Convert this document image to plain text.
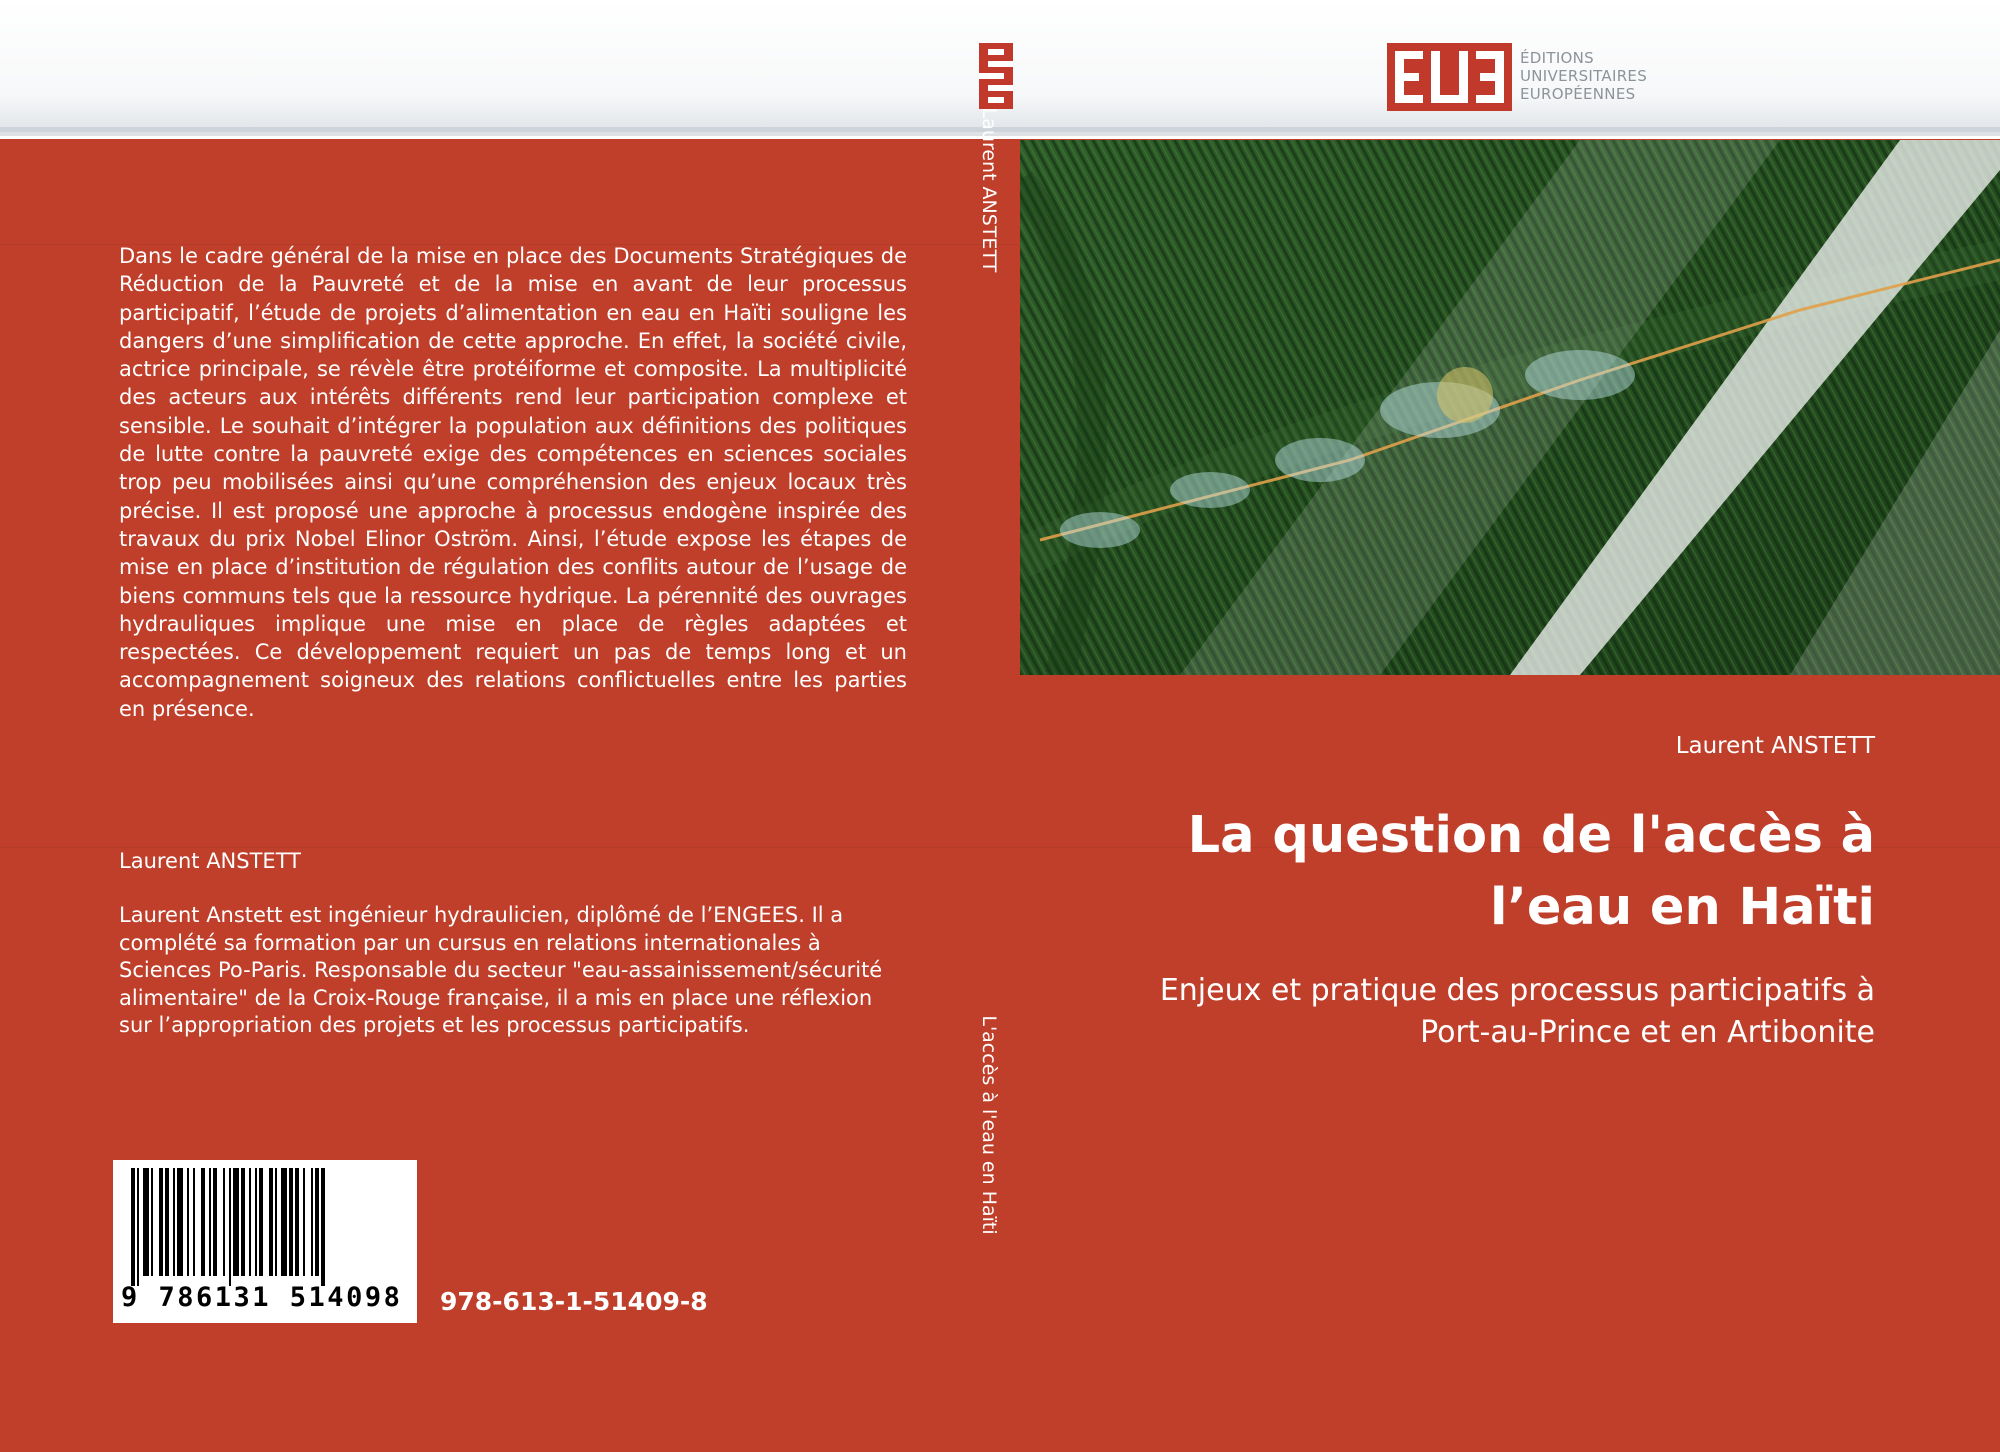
ÉDITIONS
UNIVERSITAIRES
EUROPÉENNES
Dans le cadre général de la mise en place des Documents Stratégiques de Réduction de la Pauvreté et de la mise en avant de leur processus participatif, l’étude de projets d’alimentation en eau en Haïti souligne les dangers d’une simplification de cette approche. En effet, la société civile, actrice principale, se révèle être protéiforme et composite. La multiplicité des acteurs aux intérêts différents rend leur participation complexe et sensible. Le souhait d’intégrer la population aux définitions des politiques de lutte contre la pauvreté exige des compétences en sciences sociales trop peu mobilisées ainsi qu’une compréhension des enjeux locaux très précise. Il est proposé une approche à processus endogène inspirée des travaux du prix Nobel Elinor Oström. Ainsi, l’étude expose les étapes de mise en place d’institution de régulation des conflits autour de l’usage de biens communs tels que la ressource hydrique. La pérennité des ouvrages hydrauliques implique une mise en place de règles adaptées et respectées. Ce développement requiert un pas de temps long et un accompagnement soigneux des relations conflictuelles entre les parties en présence.
Laurent ANSTETT
Laurent Anstett est ingénieur hydraulicien, diplômé de l’ENGEES. Il a complété sa formation par un cursus en relations internationales à Sciences Po-Paris. Responsable du secteur "eau-assainissement/sécurité alimentaire" de la Croix-Rouge française, il a mis en place une réflexion sur l’appropriation des projets et les processus participatifs.
9 786131 514098	978-613-1-51409-8
Laurent ANSTETT
L'accès à l'eau en Haïti
Laurent ANSTETT
La question de l'accès à
l’eau en Haïti
Enjeux et pratique des processus participatifs à
Port-au-Prince et en Artibonite
